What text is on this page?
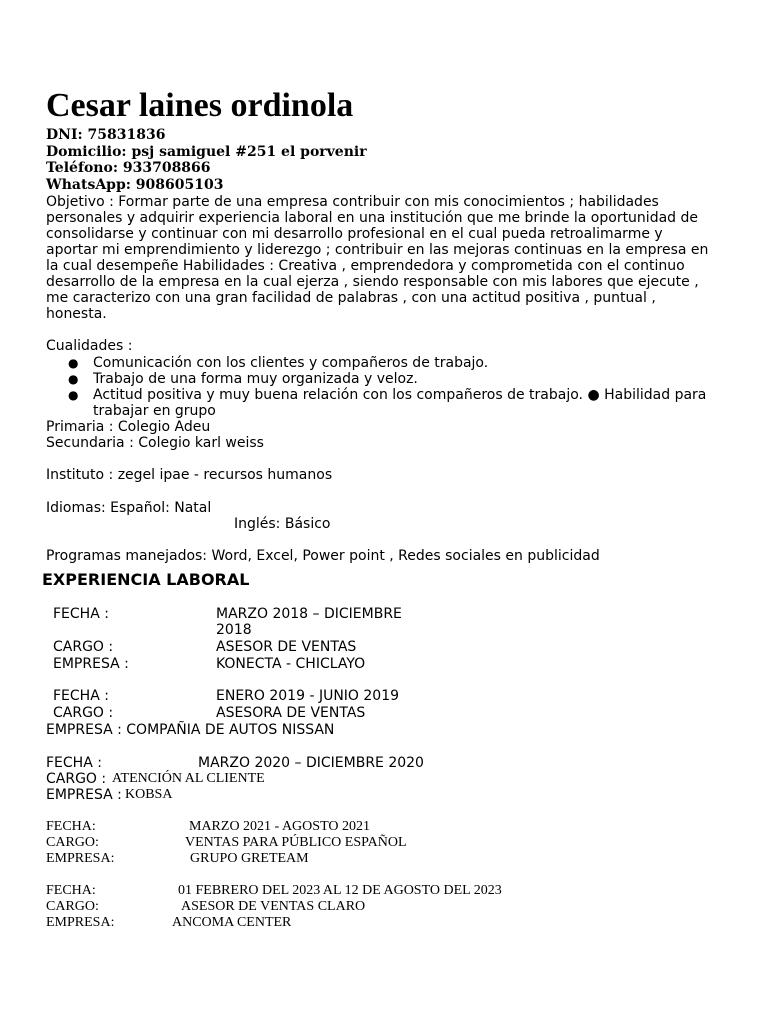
Cesar laines ordinola
DNI: 75831836
Domicilio: psj samiguel #251 el porvenir
Teléfono: 933708866
WhatsApp: 908605103
Objetivo : Formar parte de una empresa contribuir con mis conocimientos ; habilidades personales y adquirir experiencia laboral en una institución que me brinde la oportunidad de consolidarse y continuar con mi desarrollo profesional en el cual pueda retroalimarme y aportar mi emprendimiento y liderezgo ; contribuir en las mejoras continuas en la empresa en la cual desempeñe Habilidades : Creativa , emprendedora y comprometida con el continuo desarrollo de la empresa en la cual ejerza , siendo responsable con mis labores que ejecute , me caracterizo con una gran facilidad de palabras , con una actitud positiva , puntual , honesta.
Cualidades :
● Comunicación con los clientes y compañeros de trabajo.
● Trabajo de una forma muy organizada y veloz.
● Actitud positiva y muy buena relación con los compañeros de trabajo. ● Habilidad para trabajar en grupo
Primaria : Colegio Adeu
Secundaria : Colegio karl weiss
Instituto : zegel ipae - recursos humanos
Idiomas: Español: Natal
Inglés: Básico
Programas manejados: Word, Excel, Power point , Redes sociales en publicidad
EXPERIENCIA LABORAL
FECHA :	MARZO 2018 – DICIEMBRE
2018
CARGO :	ASESOR DE VENTAS
EMPRESA :	KONECTA - CHICLAYO
FECHA :	ENERO 2019 - JUNIO 2019
CARGO :	ASESORA DE VENTAS
EMPRESA : COMPAÑIA DE AUTOS NISSAN
FECHA :	MARZO 2020 – DICIEMBRE 2020
CARGO : ATENCIÓN AL CLIENTE
EMPRESA : KOBSA
FECHA:	MARZO 2021 - AGOSTO 2021
CARGO:	VENTAS PARA PÚBLICO ESPAÑOL
EMPRESA:	GRUPO GRETEAM
FECHA:	01 FEBRERO DEL 2023 AL 12 DE AGOSTO DEL 2023
CARGO:	ASESOR DE VENTAS CLARO
EMPRESA:	ANCOMA CENTER
